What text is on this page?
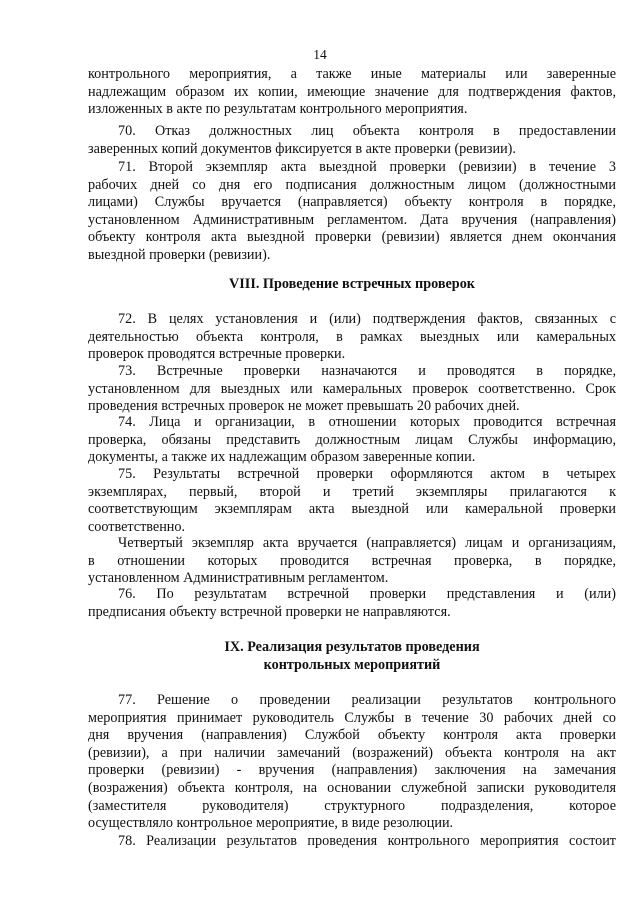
14
контрольного мероприятия, а также иные материалы или заверенные
надлежащим образом их копии, имеющие значение для подтверждения фактов,
изложенных в акте по результатам контрольного мероприятия.
70. Отказ должностных лиц объекта контроля в предоставлении
заверенных копий документов фиксируется в акте проверки (ревизии).
71. Второй экземпляр акта выездной проверки (ревизии) в течение 3
рабочих дней со дня его подписания должностным лицом (должностными
лицами) Службы вручается (направляется) объекту контроля в порядке,
установленном Административным регламентом. Дата вручения (направления)
объекту контроля акта выездной проверки (ревизии) является днем окончания
выездной проверки (ревизии).
VIII. Проведение встречных проверок
72. В целях установления и (или) подтверждения фактов, связанных с
деятельностью объекта контроля, в рамках выездных или камеральных
проверок проводятся встречные проверки.
73. Встречные проверки назначаются и проводятся в порядке,
установленном для выездных или камеральных проверок соответственно. Срок
проведения встречных проверок не может превышать 20 рабочих дней.
74. Лица и организации, в отношении которых проводится встречная
проверка, обязаны представить должностным лицам Службы информацию,
документы, а также их надлежащим образом заверенные копии.
75. Результаты встречной проверки оформляются актом в четырех
экземплярах, первый, второй и третий экземпляры прилагаются к
соответствующим экземплярам акта выездной или камеральной проверки
соответственно.
Четвертый экземпляр акта вручается (направляется) лицам и организациям,
в отношении которых проводится встречная проверка, в порядке,
установленном Административным регламентом.
76. По результатам встречной проверки представления и (или)
предписания объекту встречной проверки не направляются.
IX. Реализация результатов проведения
контрольных мероприятий
77. Решение о проведении реализации результатов контрольного
мероприятия принимает руководитель Службы в течение 30 рабочих дней со
дня вручения (направления) Службой объекту контроля акта проверки
(ревизии), а при наличии замечаний (возражений) объекта контроля на акт
проверки (ревизии) - вручения (направления) заключения на замечания
(возражения) объекта контроля, на основании служебной записки руководителя
(заместителя руководителя) структурного подразделения, которое
осуществляло контрольное мероприятие, в виде резолюции.
78. Реализации результатов проведения контрольного мероприятия состоит
